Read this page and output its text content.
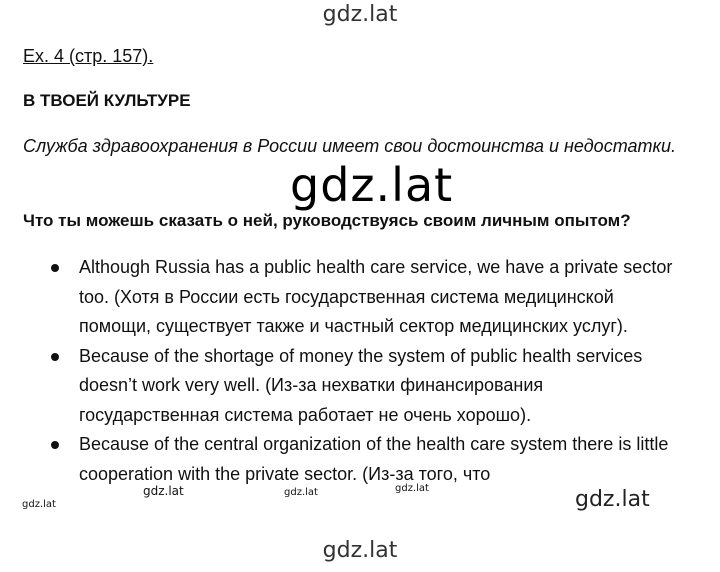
gdz.lat
Ex. 4 (стр. 157).
В ТВОЕЙ КУЛЬТУРЕ
Служба здравоохранения в России имеет свои достоинства и недостатки.
Что ты можешь сказать о ней, руководствуясь своим личным опытом?
Although Russia has a public health care service, we have a private sector too. (Хотя в России есть государственная система медицинской помощи, существует также и частный сектор медицинских услуг).
Because of the shortage of money the system of public health services doesn’t work very well. (Из-за нехватки финансирования государственная система работает не очень хорошо).
Because of the central organization of the health care system there is little cooperation with the private sector. (Из-за того, что
gdz.lat
gdz.lat
gdz.lat	gdz.lat	gdz.lat	gdz.lat
gdz.lat
